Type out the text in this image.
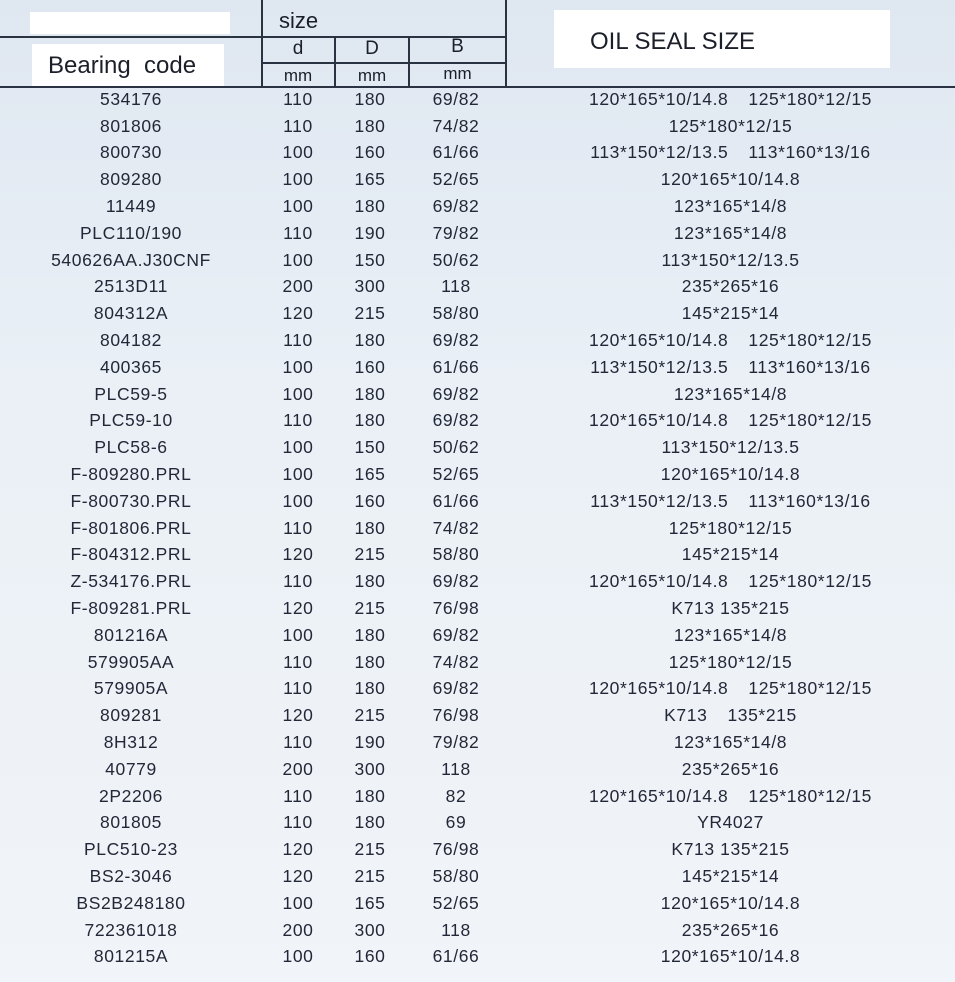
Bearing  code
OIL SEAL SIZE
size
d	D	B
mm	mm	mm
534176	110	180	69/82	120*165*10/14.8 125*180*12/15
801806	110	180	74/82	125*180*12/15
800730	100	160	61/66	113*150*12/13.5 113*160*13/16
809280	100	165	52/65	120*165*10/14.8
11449	100	180	69/82	123*165*14/8
PLC110/190	110	190	79/82	123*165*14/8
540626AA.J30CNF	100	150	50/62	113*150*12/13.5
2513D11	200	300	118	235*265*16
804312A	120	215	58/80	145*215*14
804182	110	180	69/82	120*165*10/14.8 125*180*12/15
400365	100	160	61/66	113*150*12/13.5 113*160*13/16
PLC59-5	100	180	69/82	123*165*14/8
PLC59-10	110	180	69/82	120*165*10/14.8 125*180*12/15
PLC58-6	100	150	50/62	113*150*12/13.5
F-809280.PRL	100	165	52/65	120*165*10/14.8
F-800730.PRL	100	160	61/66	113*150*12/13.5 113*160*13/16
F-801806.PRL	110	180	74/82	125*180*12/15
F-804312.PRL	120	215	58/80	145*215*14
Z-534176.PRL	110	180	69/82	120*165*10/14.8 125*180*12/15
F-809281.PRL	120	215	76/98	K713 135*215
801216A	100	180	69/82	123*165*14/8
579905AA	110	180	74/82	125*180*12/15
579905A	110	180	69/82	120*165*10/14.8 125*180*12/15
809281	120	215	76/98	K713 135*215
8H312	110	190	79/82	123*165*14/8
40779	200	300	118	235*265*16
2P2206	110	180	82	120*165*10/14.8 125*180*12/15
801805	110	180	69	YR4027
PLC510-23	120	215	76/98	K713 135*215
BS2-3046	120	215	58/80	145*215*14
BS2B248180	100	165	52/65	120*165*10/14.8
722361018	200	300	118	235*265*16
801215A	100	160	61/66	120*165*10/14.8
